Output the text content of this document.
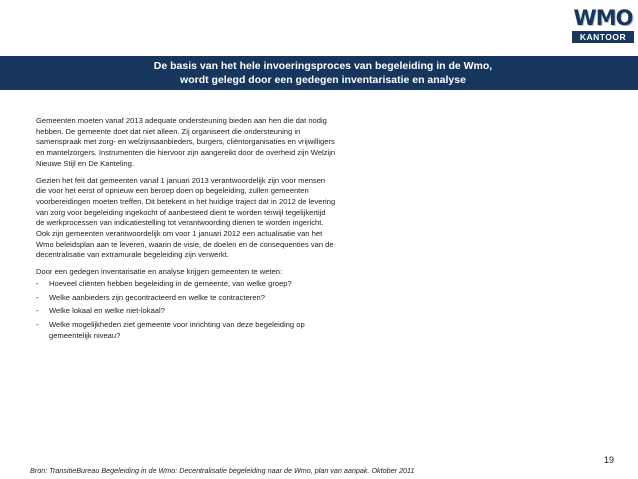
De basis van het hele invoeringsproces van begeleiding in de Wmo,
wordt gelegd door een gedegen inventarisatie en analyse
WMO
KANTOOR

Gemeenten moeten vanaf 2013 adequate ondersteuning bieden aan hen die dat nodig hebben. De gemeente doet dat niet alleen. Zij organiseert die ondersteuning in samenspraak met zorg- en welzijnsaanbieders, burgers, cliëntorganisaties en vrijwilligers en mantelzorgers. Instrumenten die hiervoor zijn aangereikt door de overheid zijn Welzijn Nieuwe Stijl en De Kanteling.

Gezien het feit dat gemeenten vanaf 1 januari 2013 verantwoordelijk zijn voor mensen die voor het eerst of opnieuw een beroep doen op begeleiding, zullen gemeenten voorbereidingen moeten treffen. Dit betekent in het huidige traject dat in 2012 de levering van zorg voor begeleiding ingekocht of aanbesteed dient te worden terwijl tegelijkertijd de werkprocessen van indicatiestelling tot verantwoording dienen te worden ingericht.

Ook zijn gemeenten verantwoordelijk om voor 1 januari 2012 een actualisatie van het Wmo beleidsplan aan te leveren, waarin de visie, de doelen en de consequenties van de decentralisatie van extramurale begeleiding zijn verwerkt.

Door een gedegen inventarisatie en analyse krijgen gemeenten te weten:

- Hoeveel cliënten hebben begeleiding in de gemeente, van welke groep?
- Welke aanbieders zijn gecontracteerd en welke te contracteren?
- Welke lokaal en welke niet-lokaal?
- Welke mogelijkheden ziet gemeente voor inrichting van deze begeleiding op gemeentelijk niveau?
19
Bron: TransitieBureau Begeleiding in de Wmo: Decentralisatie begeleiding naar de Wmo, plan van aanpak. Oktober 2011
